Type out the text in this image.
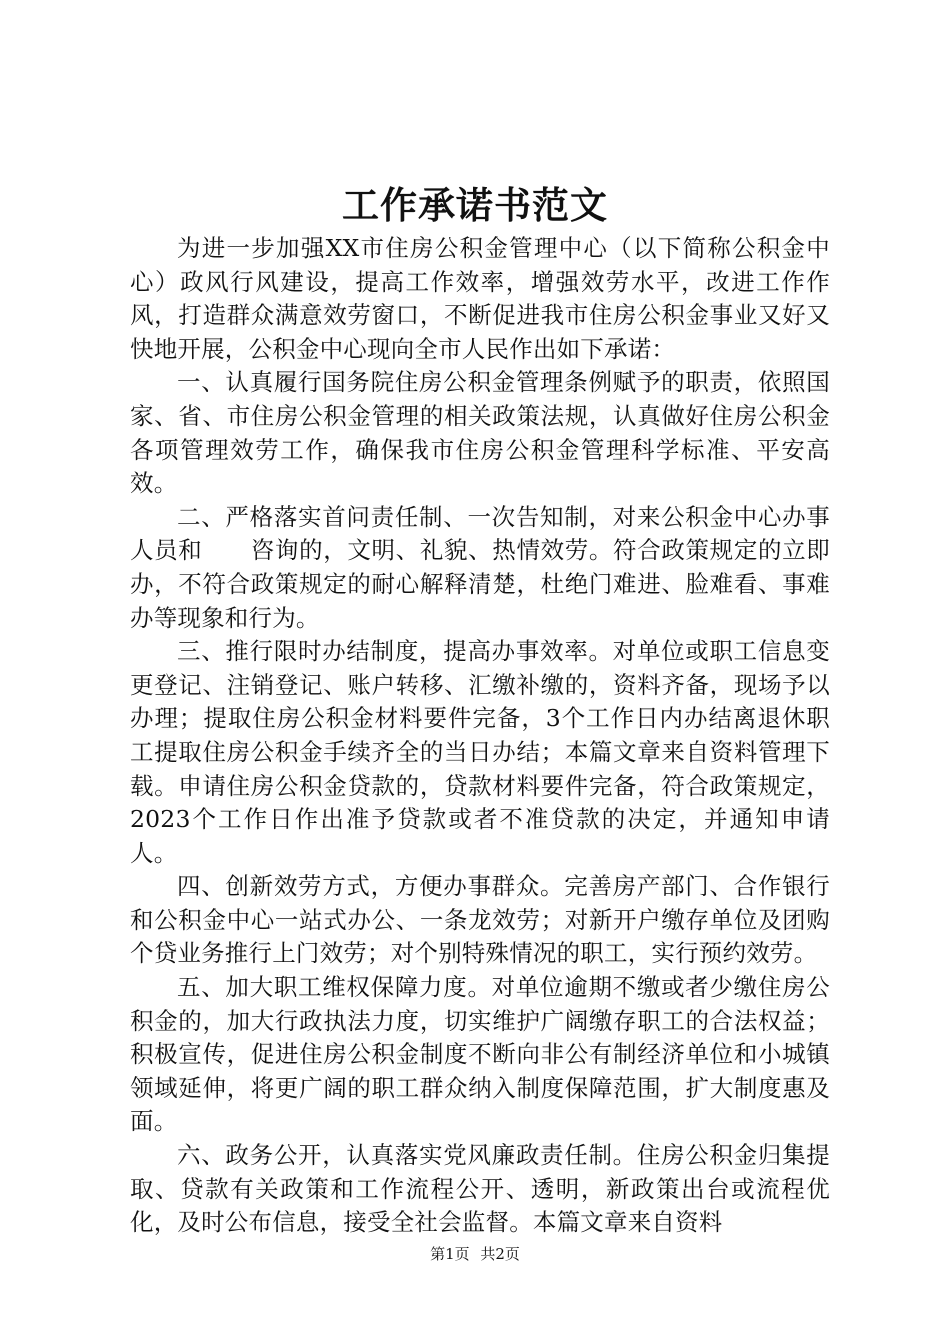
工作承诺书范文

为进一步加强XX市住房公积金管理中心（以下简称公积金中心）政风行风建设，提高工作效率，增强效劳水平，改进工作作风，打造群众满意效劳窗口，不断促进我市住房公积金事业又好又快地开展，公积金中心现向全市人民作出如下承诺：

一、认真履行国务院住房公积金管理条例赋予的职责，依照国家、省、市住房公积金管理的相关政策法规，认真做好住房公积金各项管理效劳工作，确保我市住房公积金管理科学标准、平安高效。

二、严格落实首问责任制、一次告知制，对来公积金中心办事人员和　　咨询的，文明、礼貌、热情效劳。符合政策规定的立即办，不符合政策规定的耐心解释清楚，杜绝门难进、脸难看、事难办等现象和行为。

三、推行限时办结制度，提高办事效率。对单位或职工信息变更登记、注销登记、账户转移、汇缴补缴的，资料齐备，现场予以办理；提取住房公积金材料要件完备，3个工作日内办结离退休职工提取住房公积金手续齐全的当日办结；本篇文章来自资料管理下载。申请住房公积金贷款的，贷款材料要件完备，符合政策规定，2023个工作日作出准予贷款或者不准贷款的决定，并通知申请人。

四、创新效劳方式，方便办事群众。完善房产部门、合作银行和公积金中心一站式办公、一条龙效劳；对新开户缴存单位及团购个贷业务推行上门效劳；对个别特殊情况的职工，实行预约效劳。

五、加大职工维权保障力度。对单位逾期不缴或者少缴住房公积金的，加大行政执法力度，切实维护广阔缴存职工的合法权益；积极宣传，促进住房公积金制度不断向非公有制经济单位和小城镇领域延伸，将更广阔的职工群众纳入制度保障范围，扩大制度惠及面。

六、政务公开，认真落实党风廉政责任制。住房公积金归集提取、贷款有关政策和工作流程公开、透明，新政策出台或流程优化，及时公布信息，接受全社会监督。本篇文章来自资料

第1页 共2页
